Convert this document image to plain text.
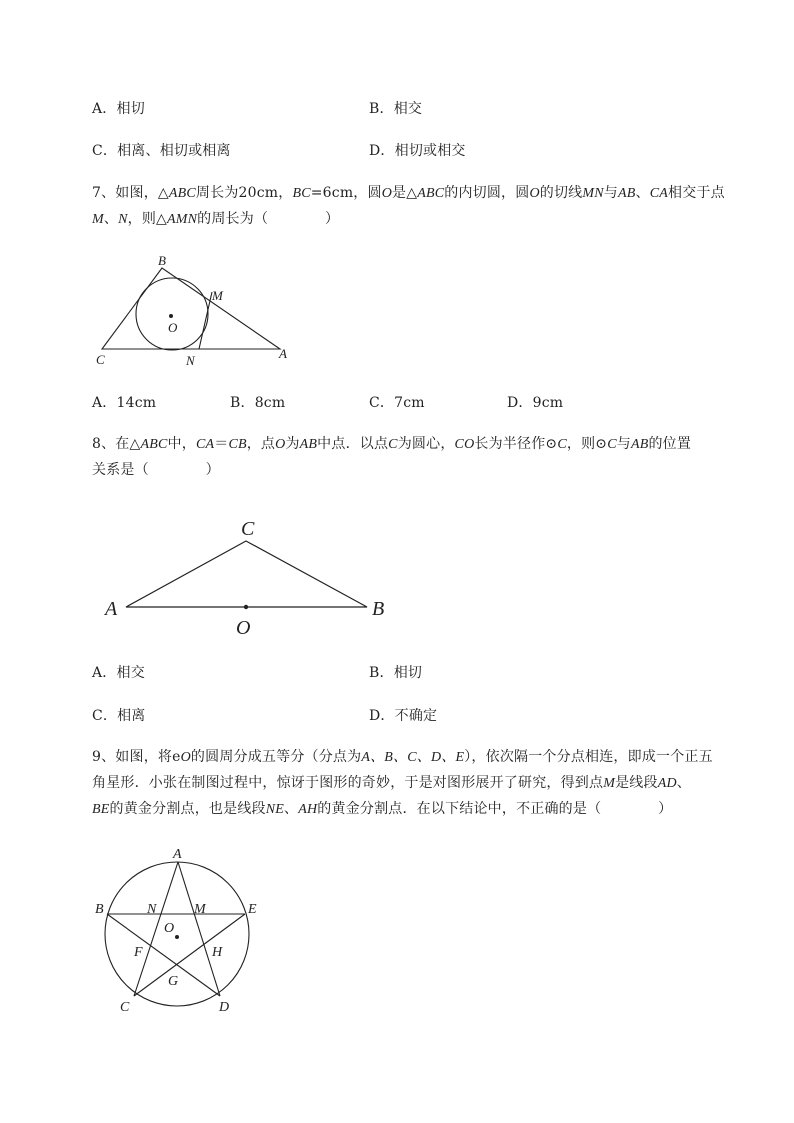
A．相切	B．相交
C．相离、相切或相离	D．相切或相交
7、如图，△ABC周长为20cm，BC=6cm，圆O是△ABC的内切圆，圆O的切线MN与AB、CA相交于点
M、N，则△AMN的周长为（　　　　）
B
M
O
C	N	A
A．14cm	B．8cm	C．7cm	D．9cm
8、在△ABC中，CA＝CB，点O为AB中点．以点C为圆心，CO长为半径作⊙C，则⊙C与AB的位置
关系是（　　　　）
C
A	B
O
A．相交	B．相切
C．相离	D．不确定
9、如图，将eO的圆周分成五等分（分点为A、B、C、D、E），依次隔一个分点相连，即成一个正五
角星形．小张在制图过程中，惊讶于图形的奇妙，于是对图形展开了研究，得到点M是线段AD、
BE的黄金分割点，也是线段NE、AH的黄金分割点．在以下结论中，不正确的是（　　　　）
A
B	N	M	E
O
F	H
G
C	D
